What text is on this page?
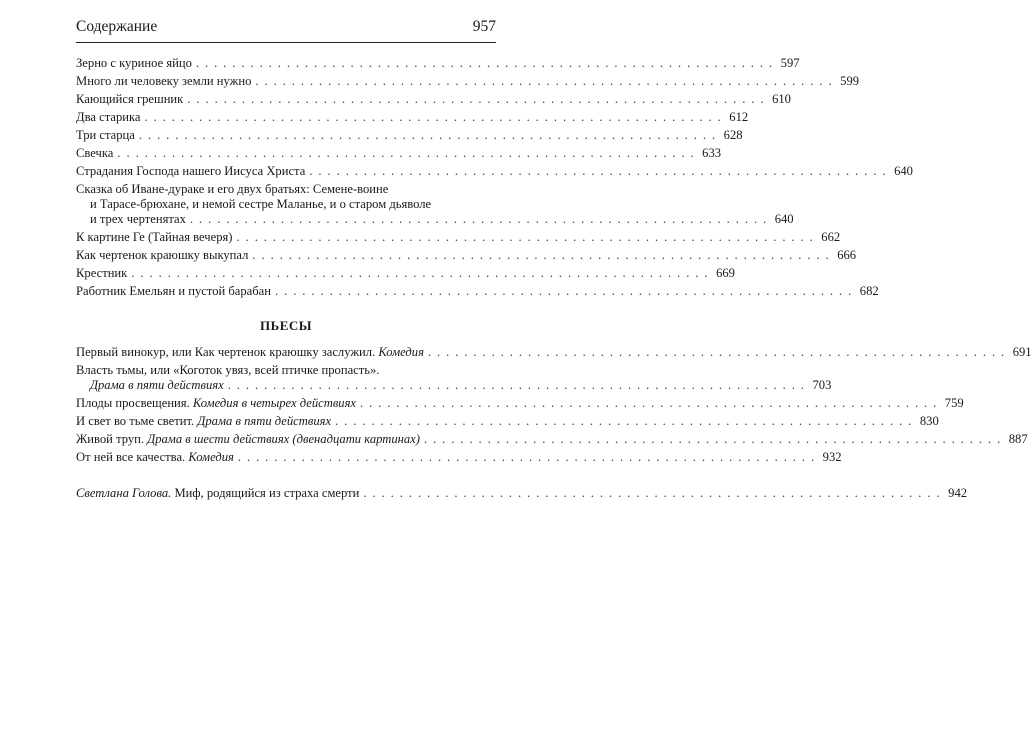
Содержание	957
Зерно с куриное яйцо . . . . . . . . . . . . . . . . . . . . . . . . . . . . . . . . . . . . . . . . . . . . . . . . . . . . . . . . . . . . . . . . 597
Много ли человеку земли нужно . . . . . . . . . . . . . . . . . . . . . . . . . . . . . . . . . . . . . . . . . . . . . . . . . . . . . . . . . . . . . . . . 599
Кающийся грешник . . . . . . . . . . . . . . . . . . . . . . . . . . . . . . . . . . . . . . . . . . . . . . . . . . . . . . . . . . . . . . . . 610
Два старика . . . . . . . . . . . . . . . . . . . . . . . . . . . . . . . . . . . . . . . . . . . . . . . . . . . . . . . . . . . . . . . . 612
Три старца . . . . . . . . . . . . . . . . . . . . . . . . . . . . . . . . . . . . . . . . . . . . . . . . . . . . . . . . . . . . . . . . 628
Свечка . . . . . . . . . . . . . . . . . . . . . . . . . . . . . . . . . . . . . . . . . . . . . . . . . . . . . . . . . . . . . . . . 633
Страдания Господа нашего Иисуса Христа . . . . . . . . . . . . . . . . . . . . . . . . . . . . . . . . . . . . . . . . . . . . . . . . . . . . . . . . . . . . . . . . 640
Сказка об Иване-дураке и его двух братьях: Семене-воине
и Тарасе-брюхане, и немой сестре Маланье, и о старом дьяволе
и трех чертенятах . . . . . . . . . . . . . . . . . . . . . . . . . . . . . . . . . . . . . . . . . . . . . . . . . . . . . . . . . . . . . . . . 640
К картине Ге (Тайная вечеря) . . . . . . . . . . . . . . . . . . . . . . . . . . . . . . . . . . . . . . . . . . . . . . . . . . . . . . . . . . . . . . . . 662
Как чертенок краюшку выкупал . . . . . . . . . . . . . . . . . . . . . . . . . . . . . . . . . . . . . . . . . . . . . . . . . . . . . . . . . . . . . . . . 666
Крестник . . . . . . . . . . . . . . . . . . . . . . . . . . . . . . . . . . . . . . . . . . . . . . . . . . . . . . . . . . . . . . . . 669
Работник Емельян и пустой барабан . . . . . . . . . . . . . . . . . . . . . . . . . . . . . . . . . . . . . . . . . . . . . . . . . . . . . . . . . . . . . . . . 682
ПЬЕСЫ
Первый винокур, или Как чертенок краюшку заслужил. Комедия . . . . . . . . . . . . . . . . . . . . . . . . . . . . . . . . . . . . . . . . . . . . . . . . . . . . . . . . . . . . . . . . 691
Власть тьмы, или «Коготок увяз, всей птичке пропасть».
Драма в пяти действиях . . . . . . . . . . . . . . . . . . . . . . . . . . . . . . . . . . . . . . . . . . . . . . . . . . . . . . . . . . . . . . . . 703
Плоды просвещения. Комедия в четырех действиях . . . . . . . . . . . . . . . . . . . . . . . . . . . . . . . . . . . . . . . . . . . . . . . . . . . . . . . . . . . . . . . . 759
И свет во тьме светит. Драма в пяти действиях . . . . . . . . . . . . . . . . . . . . . . . . . . . . . . . . . . . . . . . . . . . . . . . . . . . . . . . . . . . . . . . . 830
Живой труп. Драма в шести действиях (двенадцати картинах) . . . . . . . . . . . . . . . . . . . . . . . . . . . . . . . . . . . . . . . . . . . . . . . . . . . . . . . . . . . . . . . . 887
От ней все качества. Комедия . . . . . . . . . . . . . . . . . . . . . . . . . . . . . . . . . . . . . . . . . . . . . . . . . . . . . . . . . . . . . . . . 932
Светлана Голова. Миф, родящийся из страха смерти . . . . . . . . . . . . . . . . . . . . . . . . . . . . . . . . . . . . . . . . . . . . . . . . . . . . . . . . . . . . . . . . 942
